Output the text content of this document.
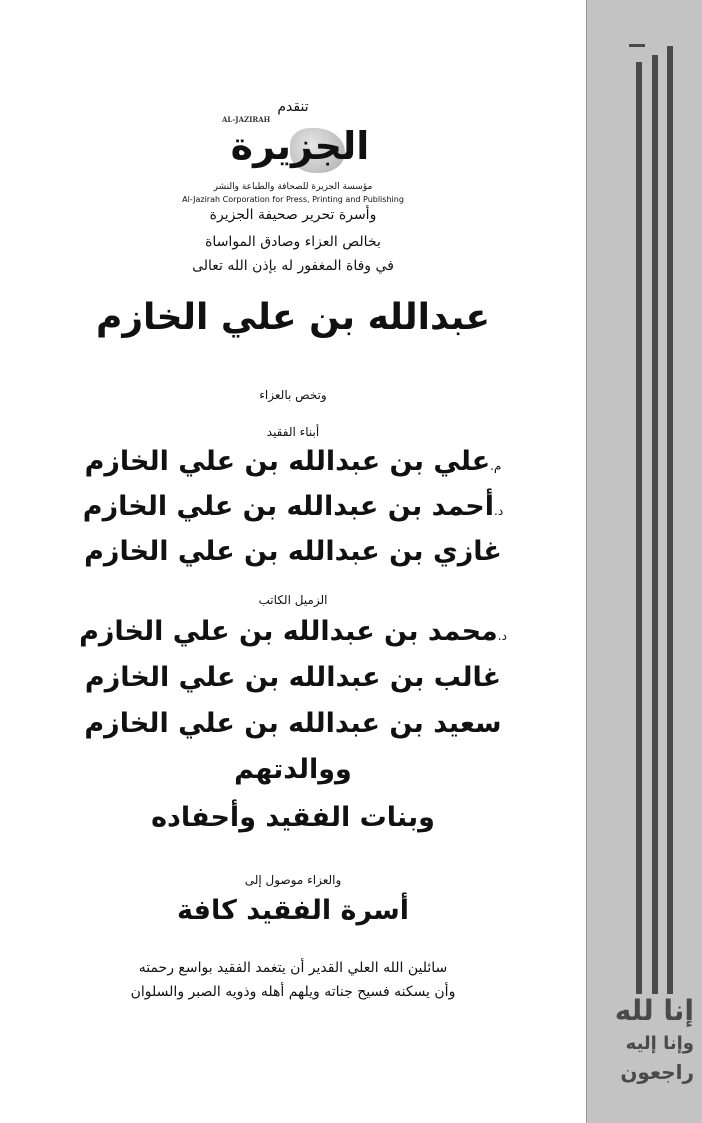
تنقدم
AL-JAZIRAH
الجزيرة
مؤسسة الجزيرة للصحافة والطباعة والنشر
Al-Jazirah Corporation for Press, Printing and Publishing
وأسرة تحرير صحيفة الجزيرة
بخالص العزاء وصادق المواساة
في وفاة المغفور له بإذن الله تعالى
عبدالله بن علي الخازم
وتخص بالعزاء
أبناء الفقيد
م.علي بن عبدالله بن علي الخازم
د.أحمد بن عبدالله بن علي الخازم
غازي بن عبدالله بن علي الخازم
الزميل الكاتب
د.محمد بن عبدالله بن علي الخازم
غالب بن عبدالله بن علي الخازم
سعيد بن عبدالله بن علي الخازم
ووالدتهم
وبنات الفقيد وأحفاده
والعزاء موصول إلى
أسرة الفقيد كافة
سائلين الله العلي القدير أن يتغمد الفقيد بواسع رحمته
وأن يسكنه فسيح جناته ويلهم أهله وذويه الصبر والسلوان
إنا لله
وإنا إليه
راجعون
